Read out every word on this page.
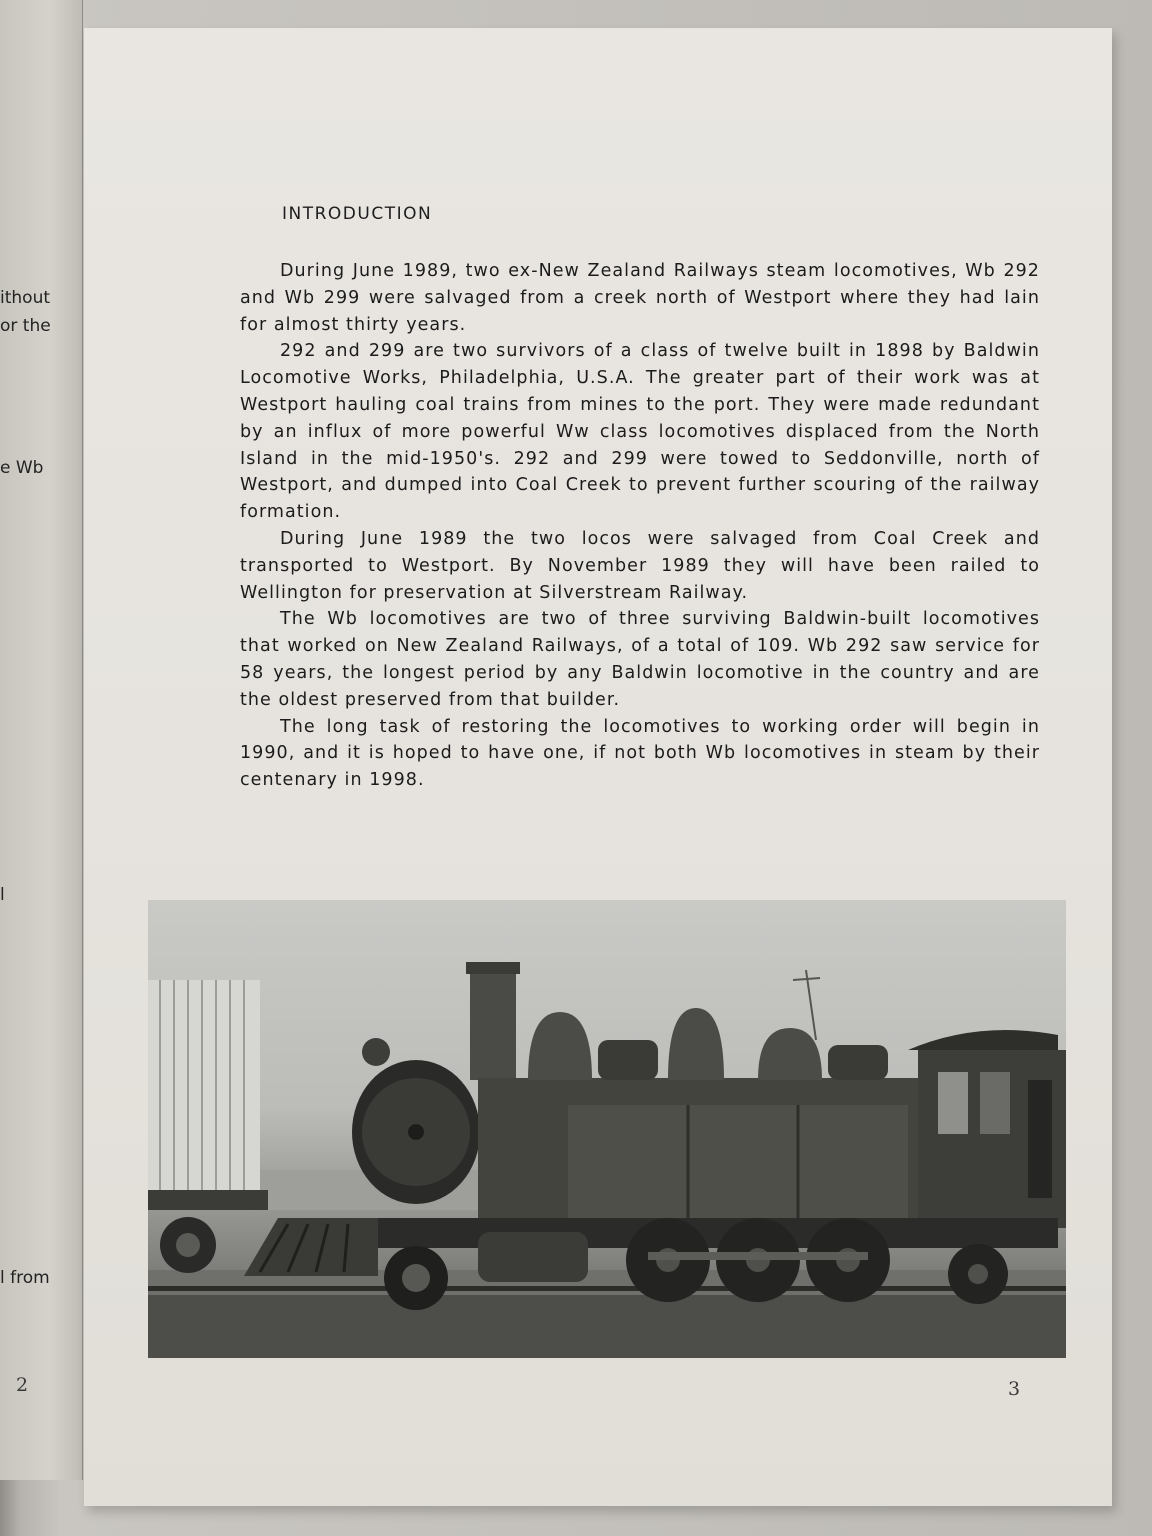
ithout
or the
e Wb
l
l from
2
INTRODUCTION

During June 1989, two ex-New Zealand Railways steam locomotives, Wb 292 and Wb 299 were salvaged from a creek north of Westport where they had lain for almost thirty years.

292 and 299 are two survivors of a class of twelve built in 1898 by Baldwin Locomotive Works, Philadelphia, U.S.A. The greater part of their work was at Westport hauling coal trains from mines to the port. They were made redundant by an influx of more powerful Ww class locomotives displaced from the North Island in the mid-1950's. 292 and 299 were towed to Seddonville, north of Westport, and dumped into Coal Creek to prevent further scouring of the railway formation.

During June 1989 the two locos were salvaged from Coal Creek and transported to Westport. By November 1989 they will have been railed to Wellington for preservation at Silverstream Railway.

The Wb locomotives are two of three surviving Baldwin-built locomotives that worked on New Zealand Railways, of a total of 109. Wb 292 saw service for 58 years, the longest period by any Baldwin locomotive in the country and are the oldest preserved from that builder.

The long task of restoring the locomotives to working order will begin in 1990, and it is hoped to have one, if not both Wb locomotives in steam by their centenary in 1998.

3
